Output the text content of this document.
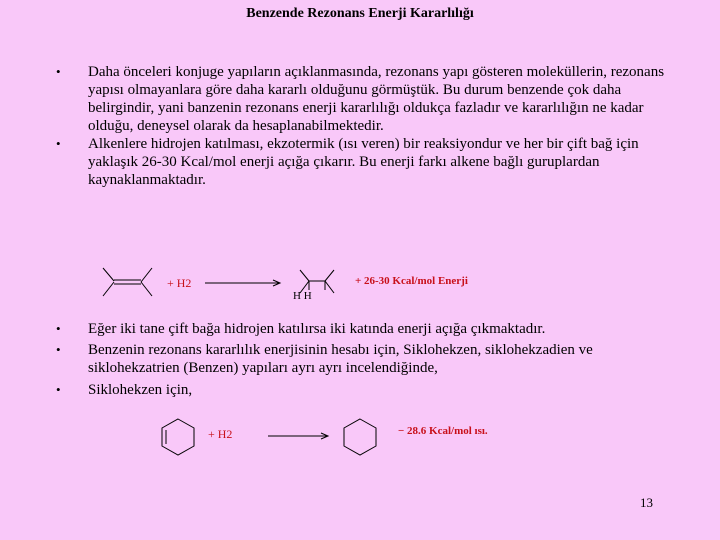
Benzende Rezonans Enerji Kararlılığı
• Daha önceleri konjuge yapıların açıklanmasında, rezonans yapı gösteren moleküllerin, rezonans yapısı olmayanlara göre daha kararlı olduğunu görmüştük. Bu durum benzende çok daha belirgindir, yani banzenin rezonans enerji kararlılığı oldukça fazladır ve kararlılığın ne kadar olduğu, deneysel olarak da hesaplanabilmektedir.
• Alkenlere hidrojen katılması, ekzotermik (ısı veren) bir reaksiyondur ve her bir çift bağ için yaklaşık 26-30 Kcal/mol enerji açığa çıkarır. Bu enerji farkı alkene bağlı guruplardan kaynaklanmaktadır.
+ H2
H H
+ 26-30 Kcal/mol Enerji
• Eğer iki tane çift bağa hidrojen katılırsa iki katında enerji açığa çıkmaktadır.
• Benzenin rezonans kararlılık enerjisinin hesabı için, Siklohekzen, siklohekzadien ve siklohekzatrien (Benzen) yapıları ayrı ayrı incelendiğinde,
• Siklohekzen için,
+ H2	− 28.6 Kcal/mol ısı.
13
